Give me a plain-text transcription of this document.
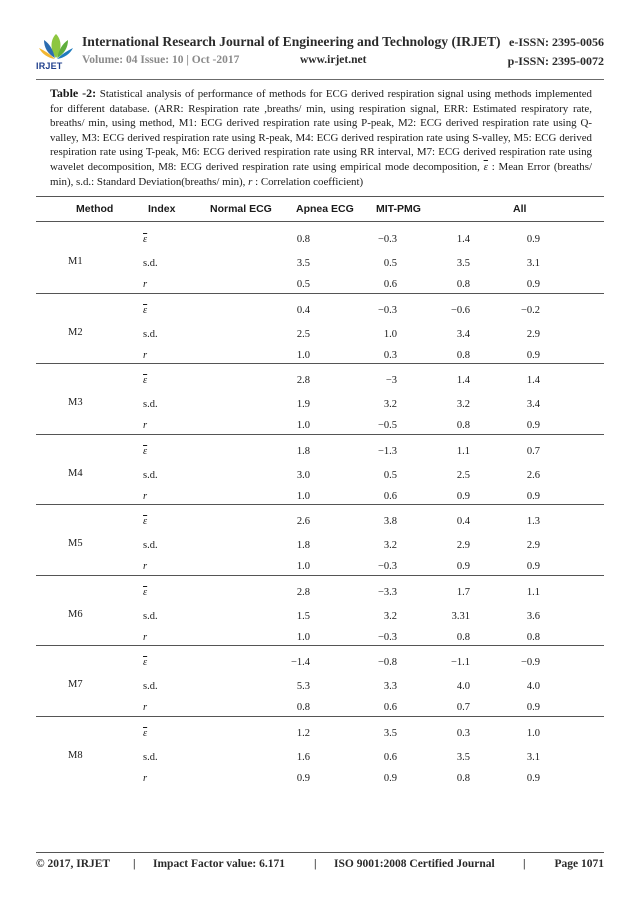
IRJET
International Research Journal of Engineering and Technology (IRJET) e-ISSN: 2395-0056
Volume: 04 Issue: 10 | Oct -2017	www.irjet.net	p-ISSN: 2395-0072
Table -2: Statistical analysis of performance of methods for ECG derived respiration signal using methods implemented for different database. (ARR: Respiration rate ,breaths/ min, using respiration signal, ERR: Estimated respiratory rate, breaths/ min, using method, M1: ECG derived respiration rate using P-peak, M2: ECG derived respiration rate using Q-valley, M3: ECG derived respiration rate using R-peak, M4: ECG derived respiration rate using S-valley, M5: ECG derived respiration rate using T-peak, M6: ECG derived respiration rate using RR interval, M7: ECG derived respiration rate using wavelet decomposition, M8: ECG derived respiration rate using empirical mode decomposition, $\overline{\varepsilon}$ : Mean Error (breaths/ min), s.d.: Standard Deviation(breaths/ min), r : Correlation coefficient)
Method	Index	Normal ECG Apnea ECG MIT-PMG	All
M1
$\overline{\varepsilon}$	0.8	−0.3	1.4	0.9
s.d.	3.5	0.5	3.5	3.1
r	0.5	0.6	0.8	0.9
M2
$\overline{\varepsilon}$	0.4	−0.3	−0.6	−0.2
s.d.	2.5	1.0	3.4	2.9
r	1.0	0.3	0.8	0.9
M3
$\overline{\varepsilon}$	2.8	−3	1.4	1.4
s.d.	1.9	3.2	3.2	3.4
r	1.0	−0.5	0.8	0.9
M4
$\overline{\varepsilon}$	1.8	−1.3	1.1	0.7
s.d.	3.0	0.5	2.5	2.6
r	1.0	0.6	0.9	0.9
M5
$\overline{\varepsilon}$	2.6	3.8	0.4	1.3
s.d.	1.8	3.2	2.9	2.9
r	1.0	−0.3	0.9	0.9
M6
$\overline{\varepsilon}$	2.8	−3.3	1.7	1.1
s.d.	1.5	3.2	3.31	3.6
r	1.0	−0.3	0.8	0.8
M7
$\overline{\varepsilon}$	−1.4	−0.8	−1.1	−0.9
s.d.	5.3	3.3	4.0	4.0
r	0.8	0.6	0.7	0.9
M8
$\overline{\varepsilon}$	1.2	3.5	0.3	1.0
s.d.	1.6	0.6	3.5	3.1
r	0.9	0.9	0.8	0.9
© 2017, IRJET | Impact Factor value: 6.171	| ISO 9001:2008 Certified Journal |	Page 1071
